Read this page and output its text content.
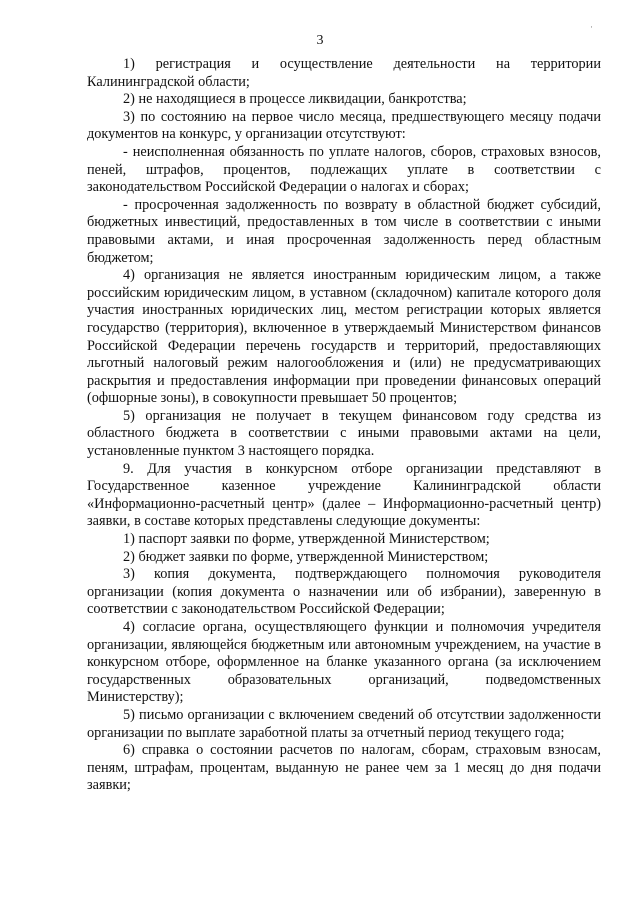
·
3

1) регистрация и осуществление деятельности на территории Калининградской области;

2) не находящиеся в процессе ликвидации, банкротства;

3) по состоянию на первое число месяца, предшествующего месяцу подачи документов на конкурс, у организации отсутствуют:

- неисполненная обязанность по уплате налогов, сборов, страховых взносов, пеней, штрафов, процентов, подлежащих уплате в соответствии с законодательством Российской Федерации о налогах и сборах;

- просроченная задолженность по возврату в областной бюджет субсидий, бюджетных инвестиций, предоставленных в том числе в соответствии с иными правовыми актами, и иная просроченная задолженность перед областным бюджетом;

4) организация не является иностранным юридическим лицом, а также российским юридическим лицом, в уставном (складочном) капитале которого доля участия иностранных юридических лиц, местом регистрации которых является государство (территория), включенное в утверждаемый Министерством финансов Российской Федерации перечень государств и территорий, предоставляющих льготный налоговый режим налогообложения и (или) не предусматривающих раскрытия и предоставления информации при проведении финансовых операций (офшорные зоны), в совокупности превышает 50 процентов;

5) организация не получает в текущем финансовом году средства из областного бюджета в соответствии с иными правовыми актами на цели, установленные пунктом 3 настоящего порядка.

9. Для участия в конкурсном отборе организации представляют в Государственное казенное учреждение Калининградской области «Информационно-расчетный центр» (далее – Информационно-расчетный центр) заявки, в составе которых представлены следующие документы:

1) паспорт заявки по форме, утвержденной Министерством;

2) бюджет заявки по форме, утвержденной Министерством;

3) копия документа, подтверждающего полномочия руководителя организации (копия документа о назначении или об избрании), заверенную в соответствии с законодательством Российской Федерации;

4) согласие органа, осуществляющего функции и полномочия учредителя организации, являющейся бюджетным или автономным учреждением, на участие в конкурсном отборе, оформленное на бланке указанного органа (за исключением государственных образовательных организаций, подведомственных Министерству);

5) письмо организации с включением сведений об отсутствии задолженности организации по выплате заработной платы за отчетный период текущего года;

6) справка о состоянии расчетов по налогам, сборам, страховым взносам, пеням, штрафам, процентам, выданную не ранее чем за 1 месяц до дня подачи заявки;
